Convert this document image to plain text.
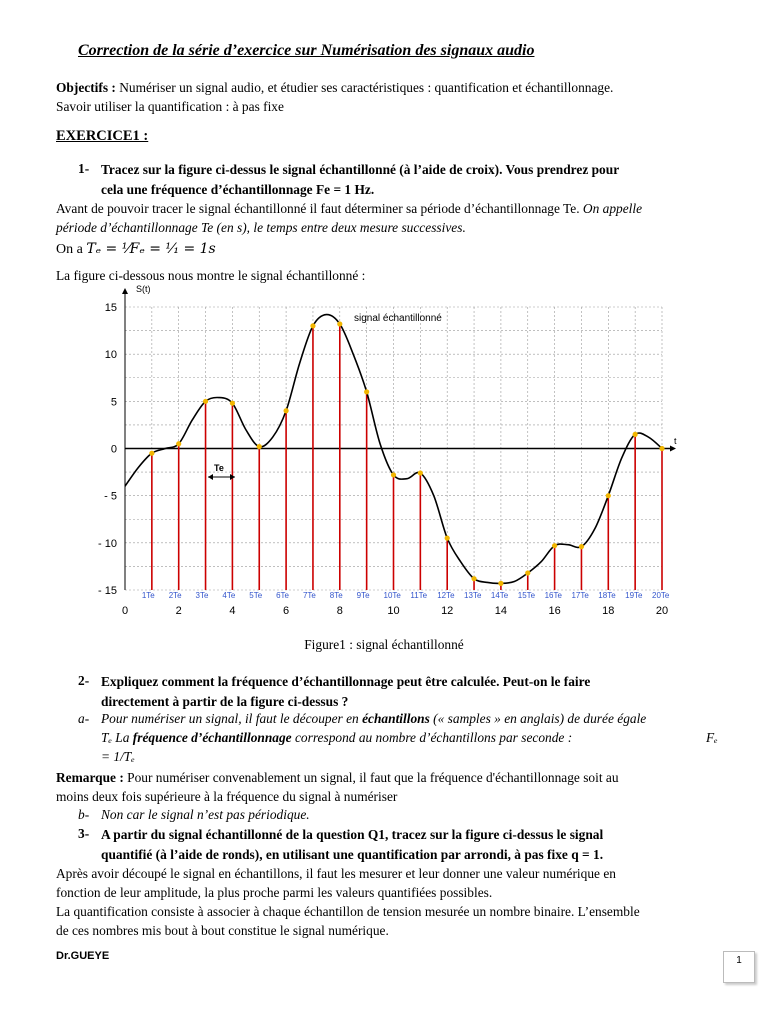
Correction de la série d’exercice sur Numérisation des signaux audio
Objectifs : Numériser un signal audio, et étudier ses caractéristiques : quantification et échantillonnage.
Savoir utiliser la quantification : à pas fixe
EXERCICE1 :
1- Tracez sur la figure ci-dessus le signal échantillonné (à l’aide de croix). Vous prendrez pour
cela une fréquence d’échantillonnage Fe = 1 Hz.
Avant de pouvoir tracer le signal échantillonné il faut déterminer sa période d’échantillonnage Te. On appelle
période d’échantillonnage Te (en s), le temps entre deux mesure successives.
On a Tₑ = ¹⁄Fₑ = ¹⁄₁ = 1s
La figure ci-dessous nous montre le signal échantillonné :
15
10
5
0
- 5
- 10
- 15
0	2	4	6	8	10	12	14	16	18	20
1Te 2Te 3Te 4Te 5Te 6Te 7Te 8Te 9Te 10Te 11Te 12Te 13Te 14Te 15Te 16Te 17Te 18Te 19Te 20Te
S(t)
t
signal échantillonné
Te
Figure1 : signal échantillonné
2- Expliquez comment la fréquence d’échantillonnage peut être calculée. Peut-on le faire
directement à partir de la figure ci-dessus ?
a- Pour numériser un signal, il faut le découper en échantillons (« samples » en anglais) de durée égale
Tₑ La fréquence d’échantillonnage correspond au nombre d’échantillons par seconde :	Fₑ
= 1/Tₑ
Remarque : Pour numériser convenablement un signal, il faut que la fréquence d'échantillonnage soit au
moins deux fois supérieure à la fréquence du signal à numériser
b- Non car le signal n’est pas périodique.
3- A partir du signal échantillonné de la question Q1, tracez sur la figure ci-dessus le signal
quantifié (à l’aide de ronds), en utilisant une quantification par arrondi, à pas fixe q = 1.
Après avoir découpé le signal en échantillons, il faut les mesurer et leur donner une valeur numérique en
fonction de leur amplitude, la plus proche parmi les valeurs quantifiées possibles.
La quantification consiste à associer à chaque échantillon de tension mesurée un nombre binaire. L’ensemble
de ces nombres mis bout à bout constitue le signal numérique.
Dr.GUEYE	1
